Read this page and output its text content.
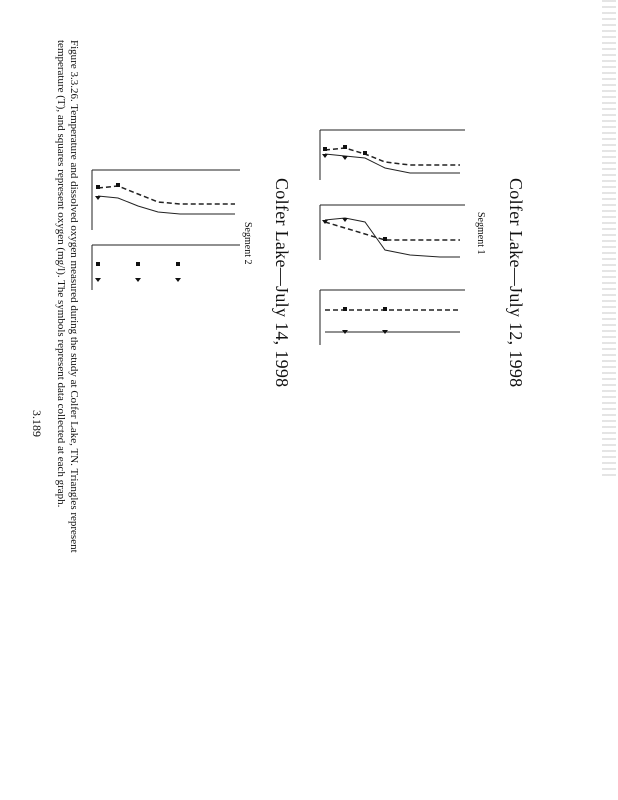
Figure 3.3.26. Temperature and dissolved oxygen measured during the study at Colfer Lake, TN. Triangles represent
temperature (T), and squares represent oxygen (mg/l). The symbols represent data collected at each graph.
3.189
Colfer Lake—July 12, 1998
Colfer Lake—July 14, 1998	Segment 1
Segment 2
